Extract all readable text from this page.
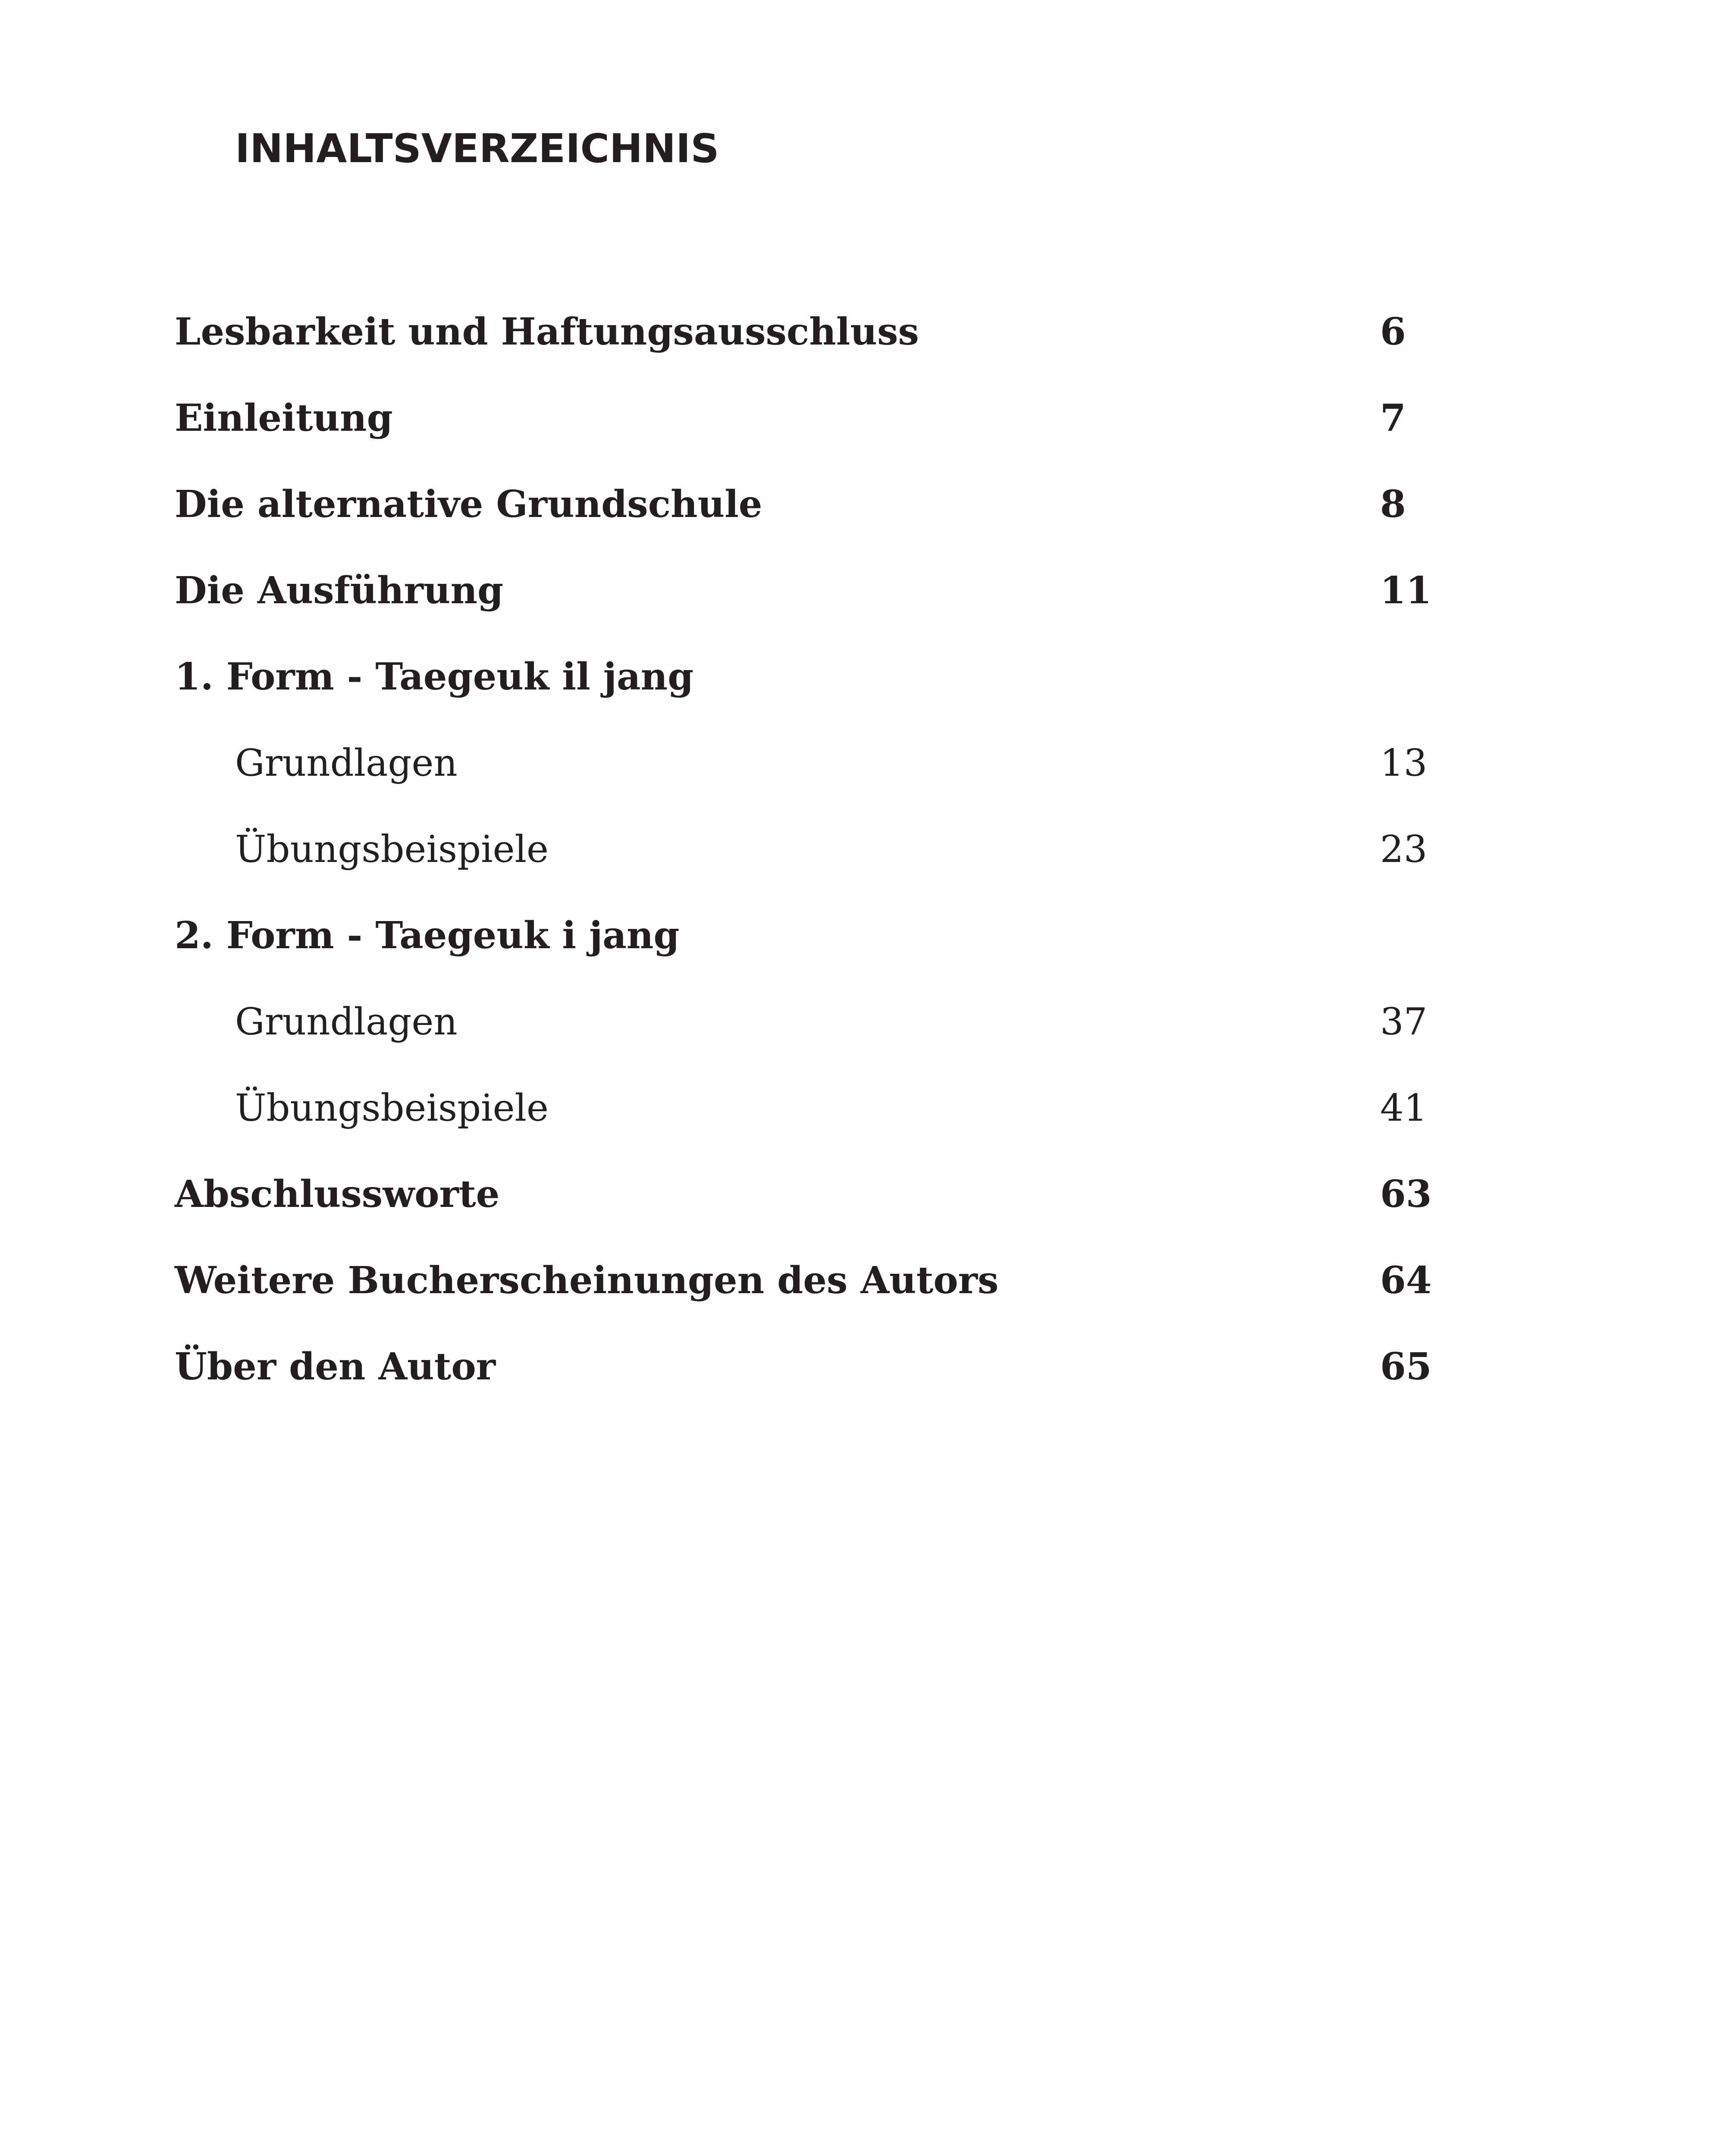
INHALTSVERZEICHNIS
Lesbarkeit und Haftungsausschluss	6
Einleitung	7
Die alternative Grundschule	8
Die Ausführung	11
1. Form - Taegeuk il jang
Grundlagen	13
Übungsbeispiele	23
2. Form - Taegeuk i jang
Grundlagen	37
Übungsbeispiele	41
Abschlussworte	63
Weitere Bucherscheinungen des Autors	64
Über den Autor	65
